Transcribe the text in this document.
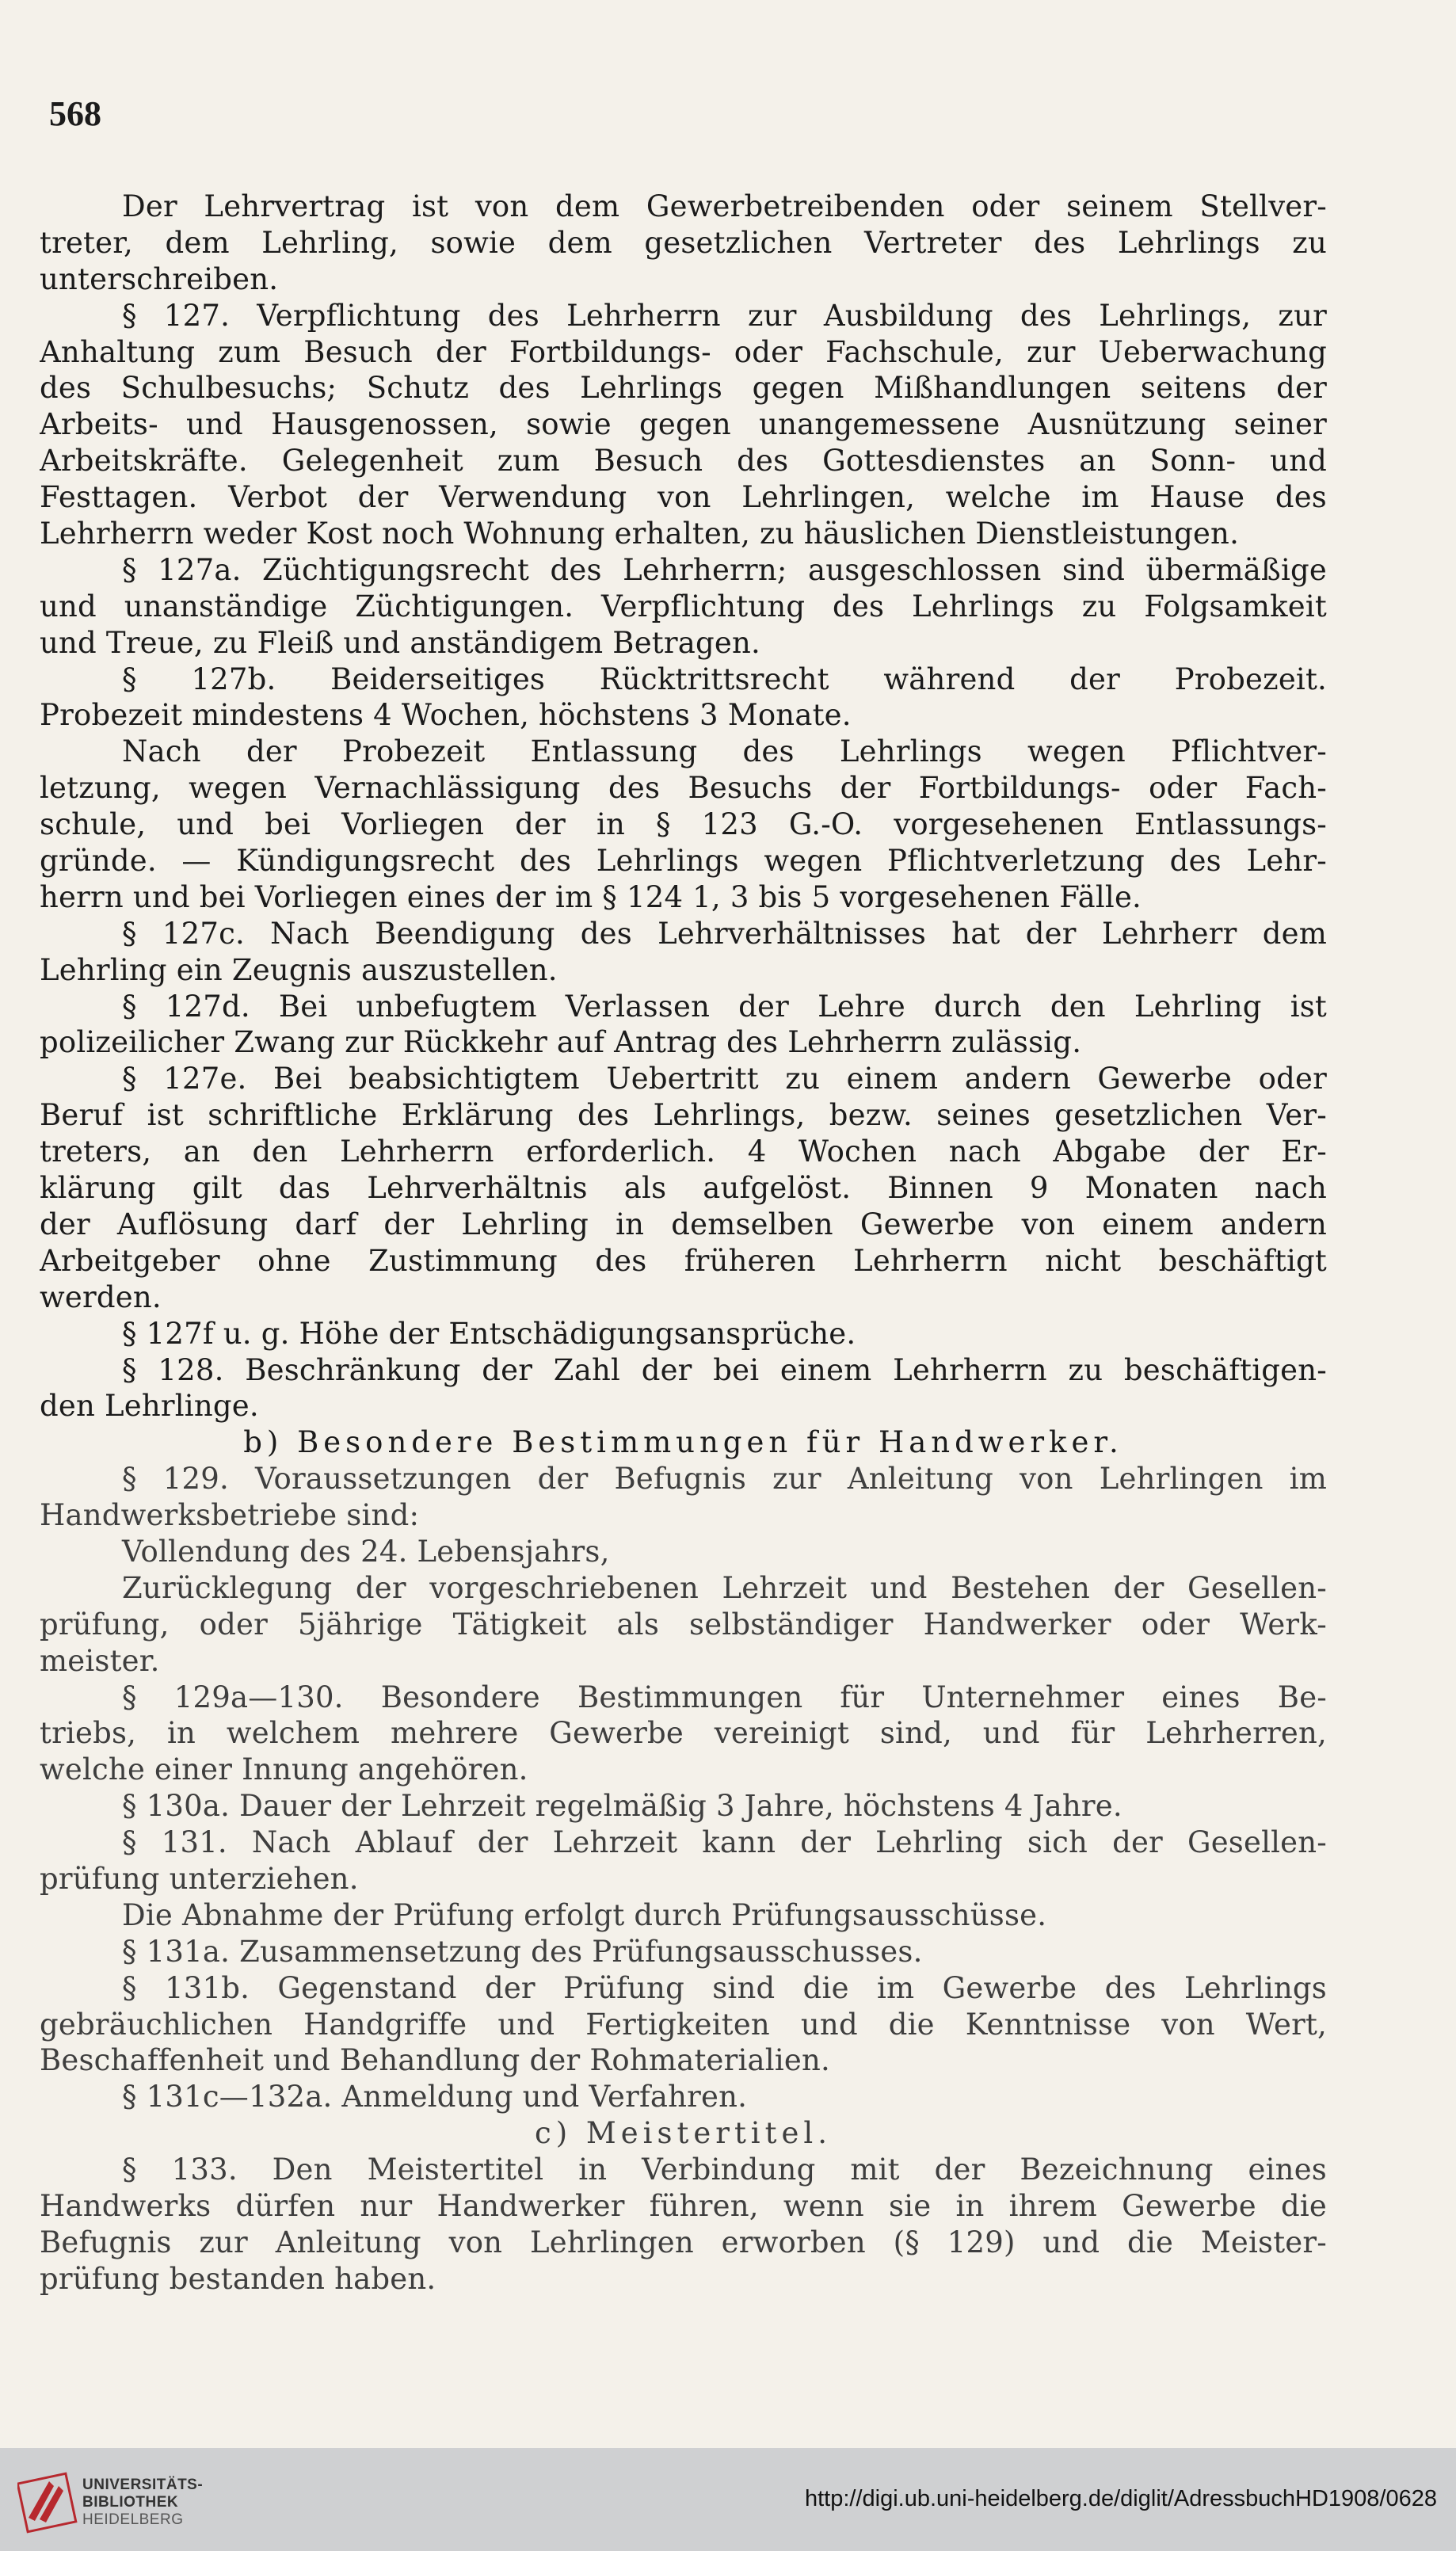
568
Der Lehrvertrag ist von dem Gewerbetreibenden oder seinem Stellver-
treter, dem Lehrling, sowie dem gesetzlichen Vertreter des Lehrlings zu
unterschreiben.
§ 127. Verpflichtung des Lehrherrn zur Ausbildung des Lehrlings, zur
Anhaltung zum Besuch der Fortbildungs- oder Fachschule, zur Ueberwachung
des Schulbesuchs; Schutz des Lehrlings gegen Mißhandlungen seitens der
Arbeits- und Hausgenossen, sowie gegen unangemessene Ausnützung seiner
Arbeitskräfte. Gelegenheit zum Besuch des Gottesdienstes an Sonn- und
Festtagen. Verbot der Verwendung von Lehrlingen, welche im Hause des
Lehrherrn weder Kost noch Wohnung erhalten, zu häuslichen Dienstleistungen.
§ 127a. Züchtigungsrecht des Lehrherrn; ausgeschlossen sind übermäßige
und unanständige Züchtigungen. Verpflichtung des Lehrlings zu Folgsamkeit
und Treue, zu Fleiß und anständigem Betragen.
§ 127b. Beiderseitiges Rücktrittsrecht während der Probezeit.
Probezeit mindestens 4 Wochen, höchstens 3 Monate.
Nach der Probezeit Entlassung des Lehrlings wegen Pflichtver-
letzung, wegen Vernachlässigung des Besuchs der Fortbildungs- oder Fach-
schule, und bei Vorliegen der in § 123 G.-O. vorgesehenen Entlassungs-
gründe. — Kündigungsrecht des Lehrlings wegen Pflichtverletzung des Lehr-
herrn und bei Vorliegen eines der im § 124 1, 3 bis 5 vorgesehenen Fälle.
§ 127c. Nach Beendigung des Lehrverhältnisses hat der Lehrherr dem
Lehrling ein Zeugnis auszustellen.
§ 127d. Bei unbefugtem Verlassen der Lehre durch den Lehrling ist
polizeilicher Zwang zur Rückkehr auf Antrag des Lehrherrn zulässig.
§ 127e. Bei beabsichtigtem Uebertritt zu einem andern Gewerbe oder
Beruf ist schriftliche Erklärung des Lehrlings, bezw. seines gesetzlichen Ver-
treters, an den Lehrherrn erforderlich. 4 Wochen nach Abgabe der Er-
klärung gilt das Lehrverhältnis als aufgelöst. Binnen 9 Monaten nach
der Auflösung darf der Lehrling in demselben Gewerbe von einem andern
Arbeitgeber ohne Zustimmung des früheren Lehrherrn nicht beschäftigt
werden.
§ 127f u. g. Höhe der Entschädigungsansprüche.
§ 128. Beschränkung der Zahl der bei einem Lehrherrn zu beschäftigen-
den Lehrlinge.
b) Besondere Bestimmungen für Handwerker.
§ 129. Voraussetzungen der Befugnis zur Anleitung von Lehrlingen im
Handwerksbetriebe sind:
Vollendung des 24. Lebensjahrs,
Zurücklegung der vorgeschriebenen Lehrzeit und Bestehen der Gesellen-
prüfung, oder 5jährige Tätigkeit als selbständiger Handwerker oder Werk-
meister.
§ 129a—130. Besondere Bestimmungen für Unternehmer eines Be-
triebs, in welchem mehrere Gewerbe vereinigt sind, und für Lehrherren,
welche einer Innung angehören.
§ 130a. Dauer der Lehrzeit regelmäßig 3 Jahre, höchstens 4 Jahre.
§ 131. Nach Ablauf der Lehrzeit kann der Lehrling sich der Gesellen-
prüfung unterziehen.
Die Abnahme der Prüfung erfolgt durch Prüfungsausschüsse.
§ 131a. Zusammensetzung des Prüfungsausschusses.
§ 131b. Gegenstand der Prüfung sind die im Gewerbe des Lehrlings
gebräuchlichen Handgriffe und Fertigkeiten und die Kenntnisse von Wert,
Beschaffenheit und Behandlung der Rohmaterialien.
§ 131c—132a. Anmeldung und Verfahren.
c) Meistertitel.
§ 133. Den Meistertitel in Verbindung mit der Bezeichnung eines
Handwerks dürfen nur Handwerker führen, wenn sie in ihrem Gewerbe die
Befugnis zur Anleitung von Lehrlingen erworben (§ 129) und die Meister-
prüfung bestanden haben.
UNIVERSITÄTS-
BIBLIOTHEK
HEIDELBERG
http://digi.ub.uni-heidelberg.de/diglit/AdressbuchHD1908/0628
